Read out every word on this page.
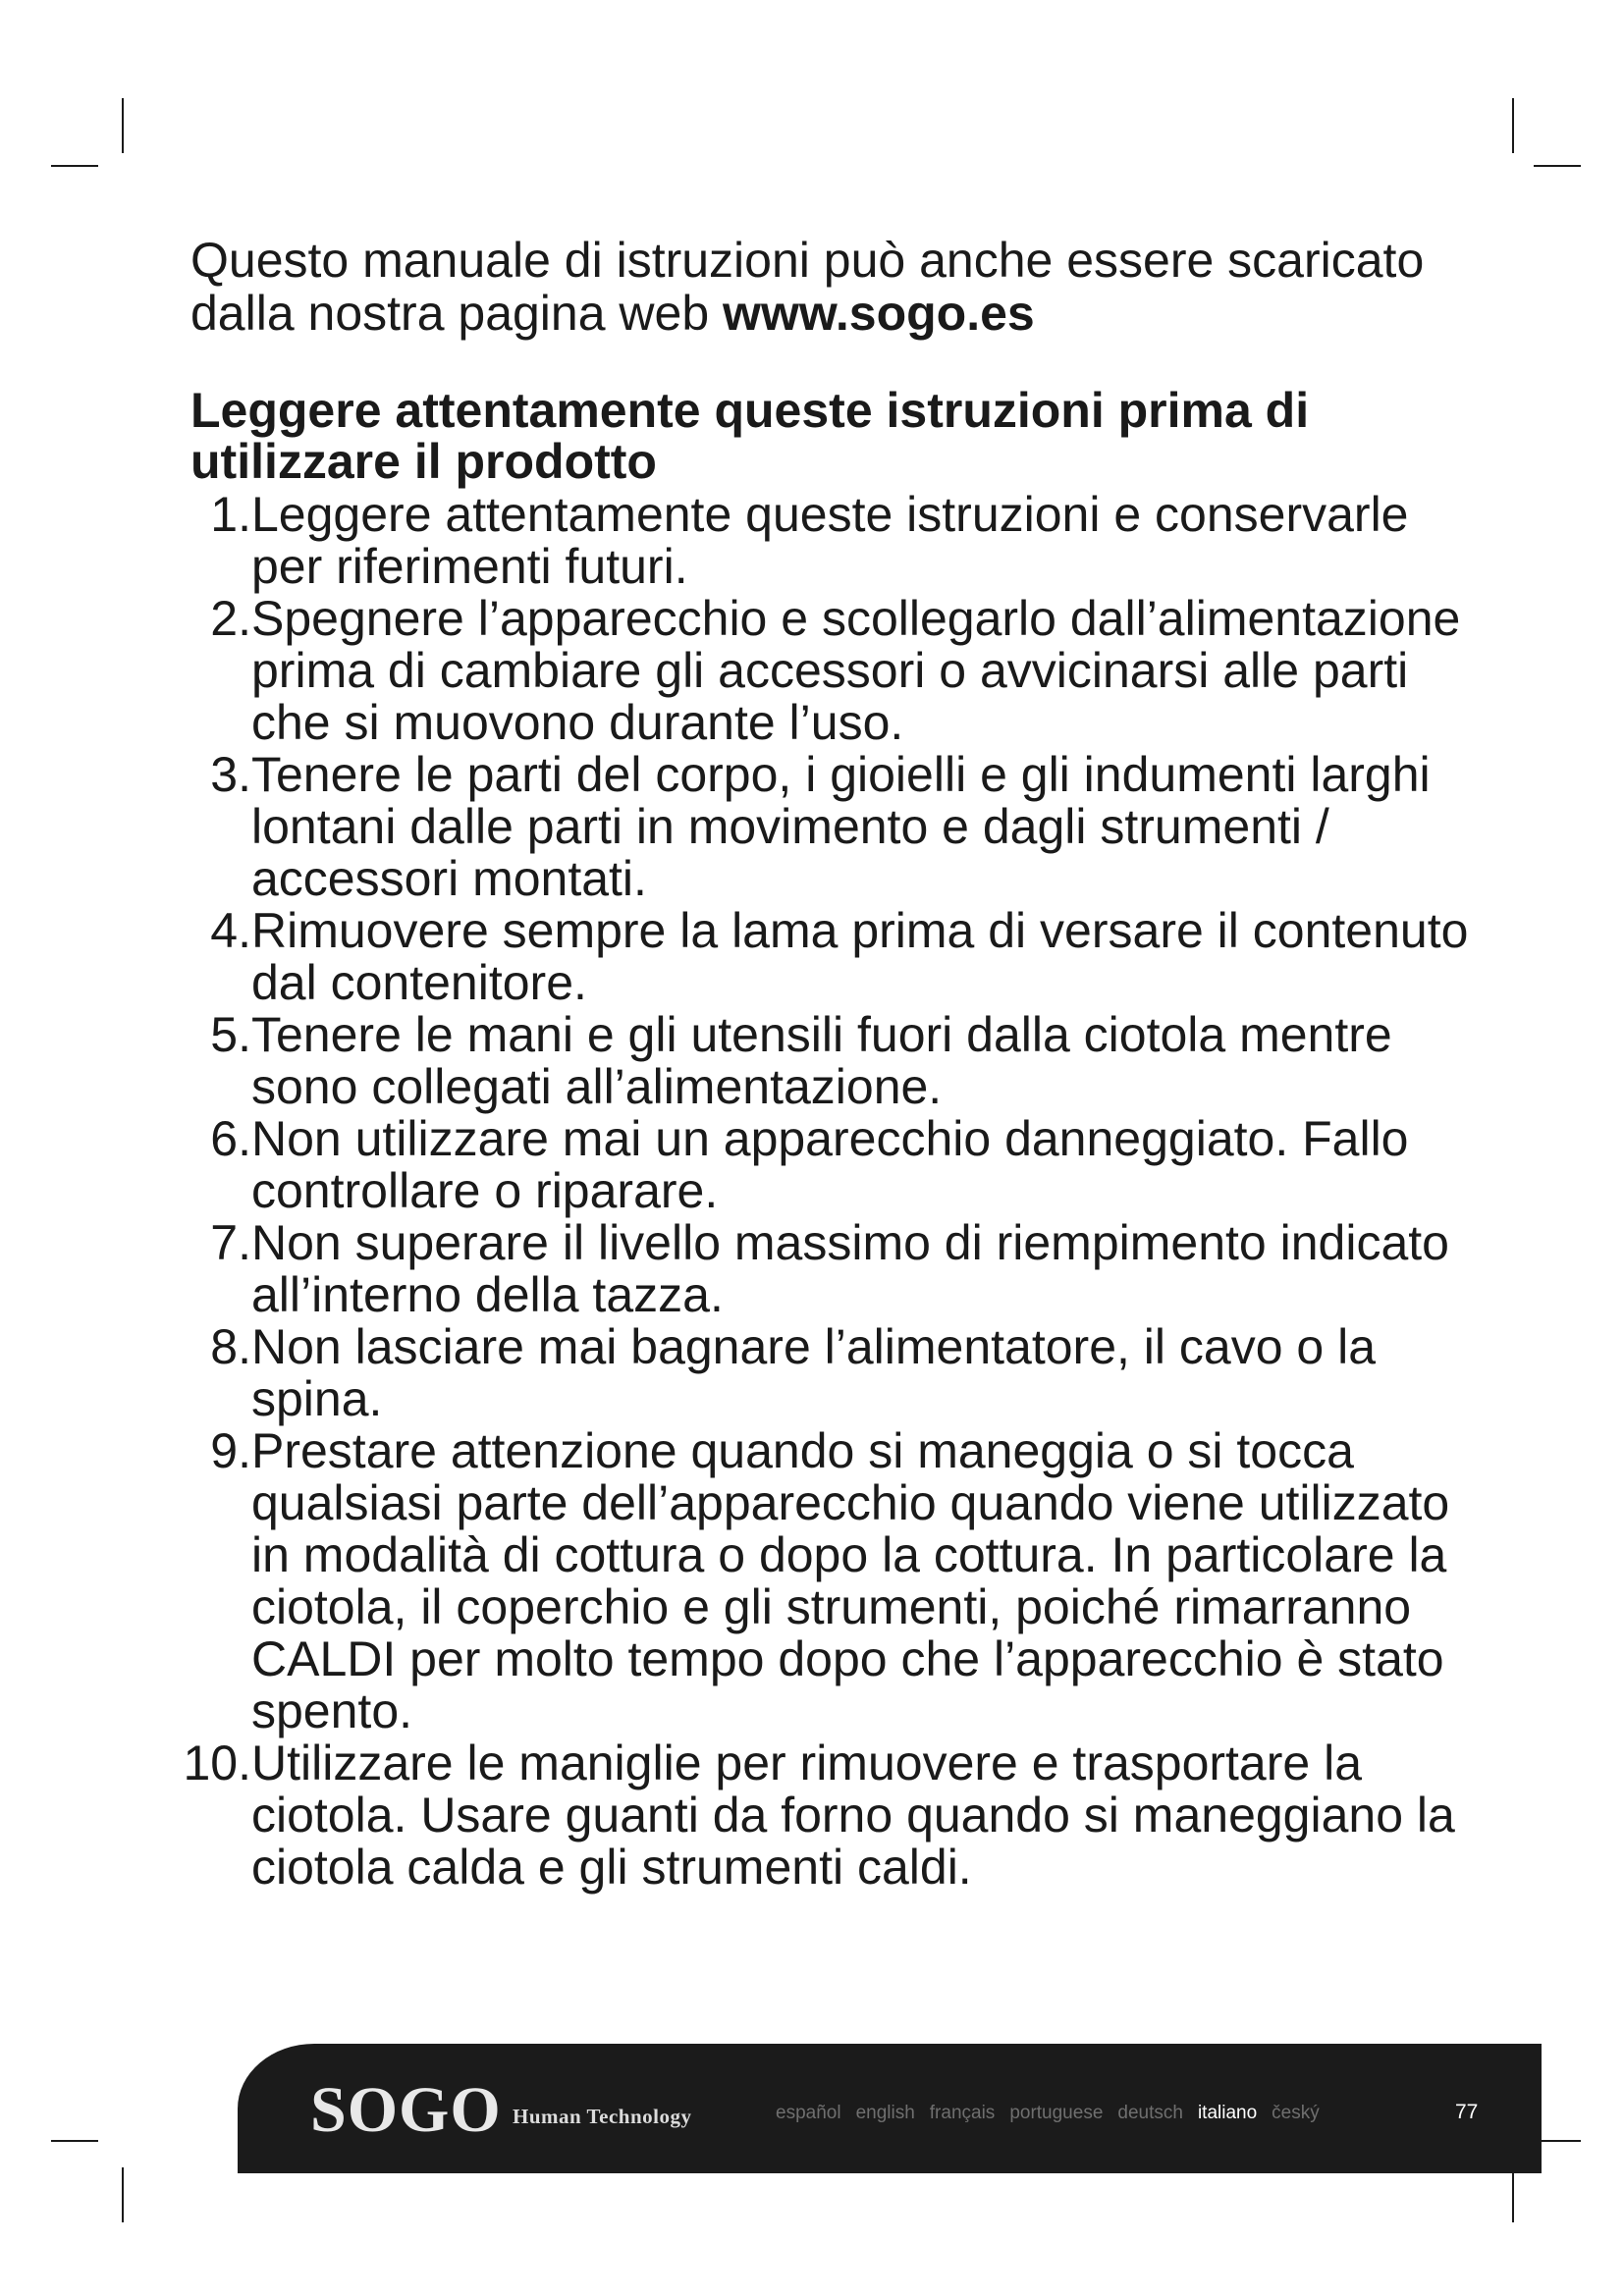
Questo manuale di istruzioni può anche essere scaricato dalla nostra pagina web www.sogo.es

Leggere attentamente queste istruzioni prima di utilizzare il prodotto

1. Leggere attentamente queste istruzioni e conservarle per riferimenti futuri.
2. Spegnere l’apparecchio e scollegarlo dall’alimentazione prima di cambiare gli accessori o avvicinarsi alle parti che si muovono durante l’uso.
3. Tenere le parti del corpo, i gioielli e gli indumenti larghi lontani dalle parti in movimento e dagli strumenti / accessori montati.
4. Rimuovere sempre la lama prima di versare il contenuto dal contenitore.
5. Tenere le mani e gli utensili fuori dalla ciotola mentre sono collegati all’alimentazione.
6. Non utilizzare mai un apparecchio danneggiato. Fallo controllare o riparare.
7. Non superare il livello massimo di riempimento indicato all’interno della tazza.
8. Non lasciare mai bagnare l’alimentatore, il cavo o la spina.
9. Prestare attenzione quando si maneggia o si tocca qualsiasi parte dell’apparecchio quando viene utilizzato in modalità di cottura o dopo la cottura. In particolare la ciotola, il coperchio e gli strumenti, poiché rimarranno CALDI per molto tempo dopo che l’apparecchio è stato spento.
10. Utilizzare le maniglie per rimuovere e trasportare la ciotola. Usare guanti da forno quando si maneggiano la ciotola calda e gli strumenti caldi.
SOGO Human Technology	español english français portuguese deutsch italiano český	77
